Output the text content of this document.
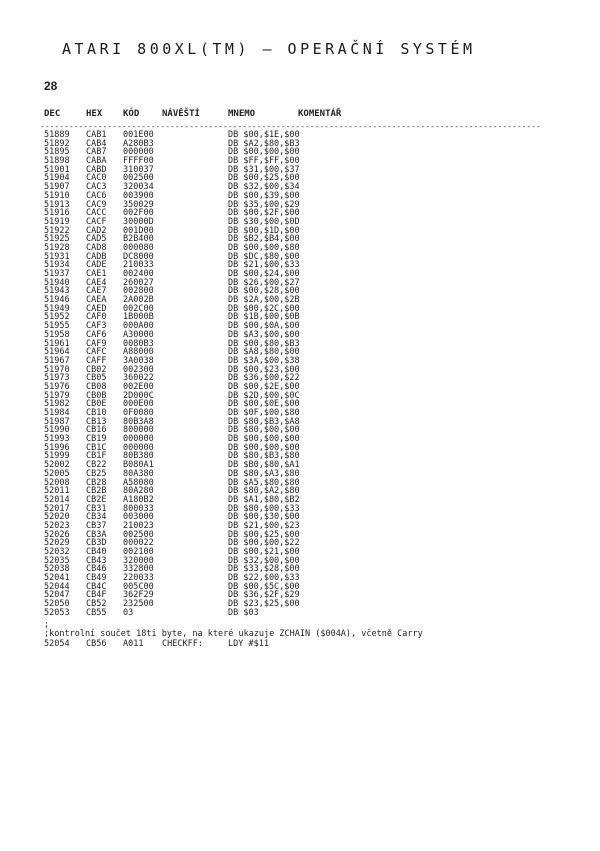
ATARI 800XL(TM) — OPERAČNÍ SYSTÉM
28
DEC	HEX KÓD	NÁVĚŠTÍ	MNEMO	KOMENTÁŘ
--------------------------------------------------------------------------------------------------------
51889 CAB1 001E00	DB $00,$1E,$00
51892 CAB4 A280B3	DB $A2,$80,$B3
51895 CAB7 000000	DB $00,$00,$00
51898 CABA FFFF00	DB $FF,$FF,$00
51901 CABD 310037	DB $31,$00,$37
51904 CAC0 002500	DB $00,$25,$00
51907 CAC3 320034	DB $32,$00,$34
51910 CAC6 003900	DB $00,$39,$00
51913 CAC9 350029	DB $35,$00,$29
51916 CACC 002F00	DB $00,$2F,$00
51919 CACF 30000D	DB $30,$00,$0D
51922 CAD2 001D00	DB $00,$1D,$00
51925 CAD5 B2B400	DB $B2,$B4,$00
51928 CAD8 000080	DB $00,$00,$80
51931 CADB DC8000	DB $DC,$80,$00
51934 CADE 210033	DB $21,$00,$33
51937 CAE1 002400	DB $00,$24,$00
51940 CAE4 260027	DB $26,$00,$27
51943 CAE7 002800	DB $00,$28,$00
51946 CAEA 2A002B	DB $2A,$00,$2B
51949 CAED 002C00	DB $00,$2C,$00
51952 CAF0 1B000B	DB $1B,$00,$0B
51955 CAF3 000A00	DB $00,$0A,$00
51958 CAF6 A30000	DB $A3,$00,$00
51961 CAF9 0080B3	DB $00,$80,$B3
51964 CAFC A88000	DB $A8,$80,$00
51967 CAFF 3A0038	DB $3A,$00,$38
51970 CB02 002300	DB $00,$23,$00
51973 CB05 360022	DB $36,$00,$22
51976 CB08 002E00	DB $00,$2E,$00
51979 CB0B 2D000C	DB $2D,$00,$0C
51982 CB0E 000E00	DB $00,$0E,$00
51984 CB10 0F0080	DB $0F,$00,$80
51987 CB13 80B3A8	DB $80,$B3,$A8
51990 CB16 800000	DB $80,$00,$00
51993 CB19 000000	DB $00,$00,$00
51996 CB1C 000000	DB $00,$00,$00
51999 CB1F 80B380	DB $80,$B3,$80
52002 CB22 B080A1	DB $B0,$80,$A1
52005 CB25 80A380	DB $80,$A3,$80
52008 CB28 A58080	DB $A5,$80,$80
52011 CB2B 80A280	DB $80,$A2,$80
52014 CB2E A180B2	DB $A1,$80,$B2
52017 CB31 800033	DB $80,$00,$33
52020 CB34 003000	DB $00,$30,$00
52023 CB37 210023	DB $21,$00,$23
52026 CB3A 002500	DB $00,$25,$00
52029 CB3D 000022	DB $00,$00,$22
52032 CB40 002100	DB $00,$21,$00
52035 CB43 320000	DB $32,$00,$00
52038 CB46 332800	DB $33,$28,$00
52041 CB49 220033	DB $22,$00,$33
52044 CB4C 005C00	DB $00,$5C,$00
52047 CB4F 362F29	DB $36,$2F,$29
52050 CB52 232500	DB $23,$25,$00
52053 CB55 03	DB $03
;
;kontrolní součet 18ti byte, na které ukazuje ZCHAIN ($004A), včetně Carry
52054 CB56 A011 CHECKFF:	LDY #$11
